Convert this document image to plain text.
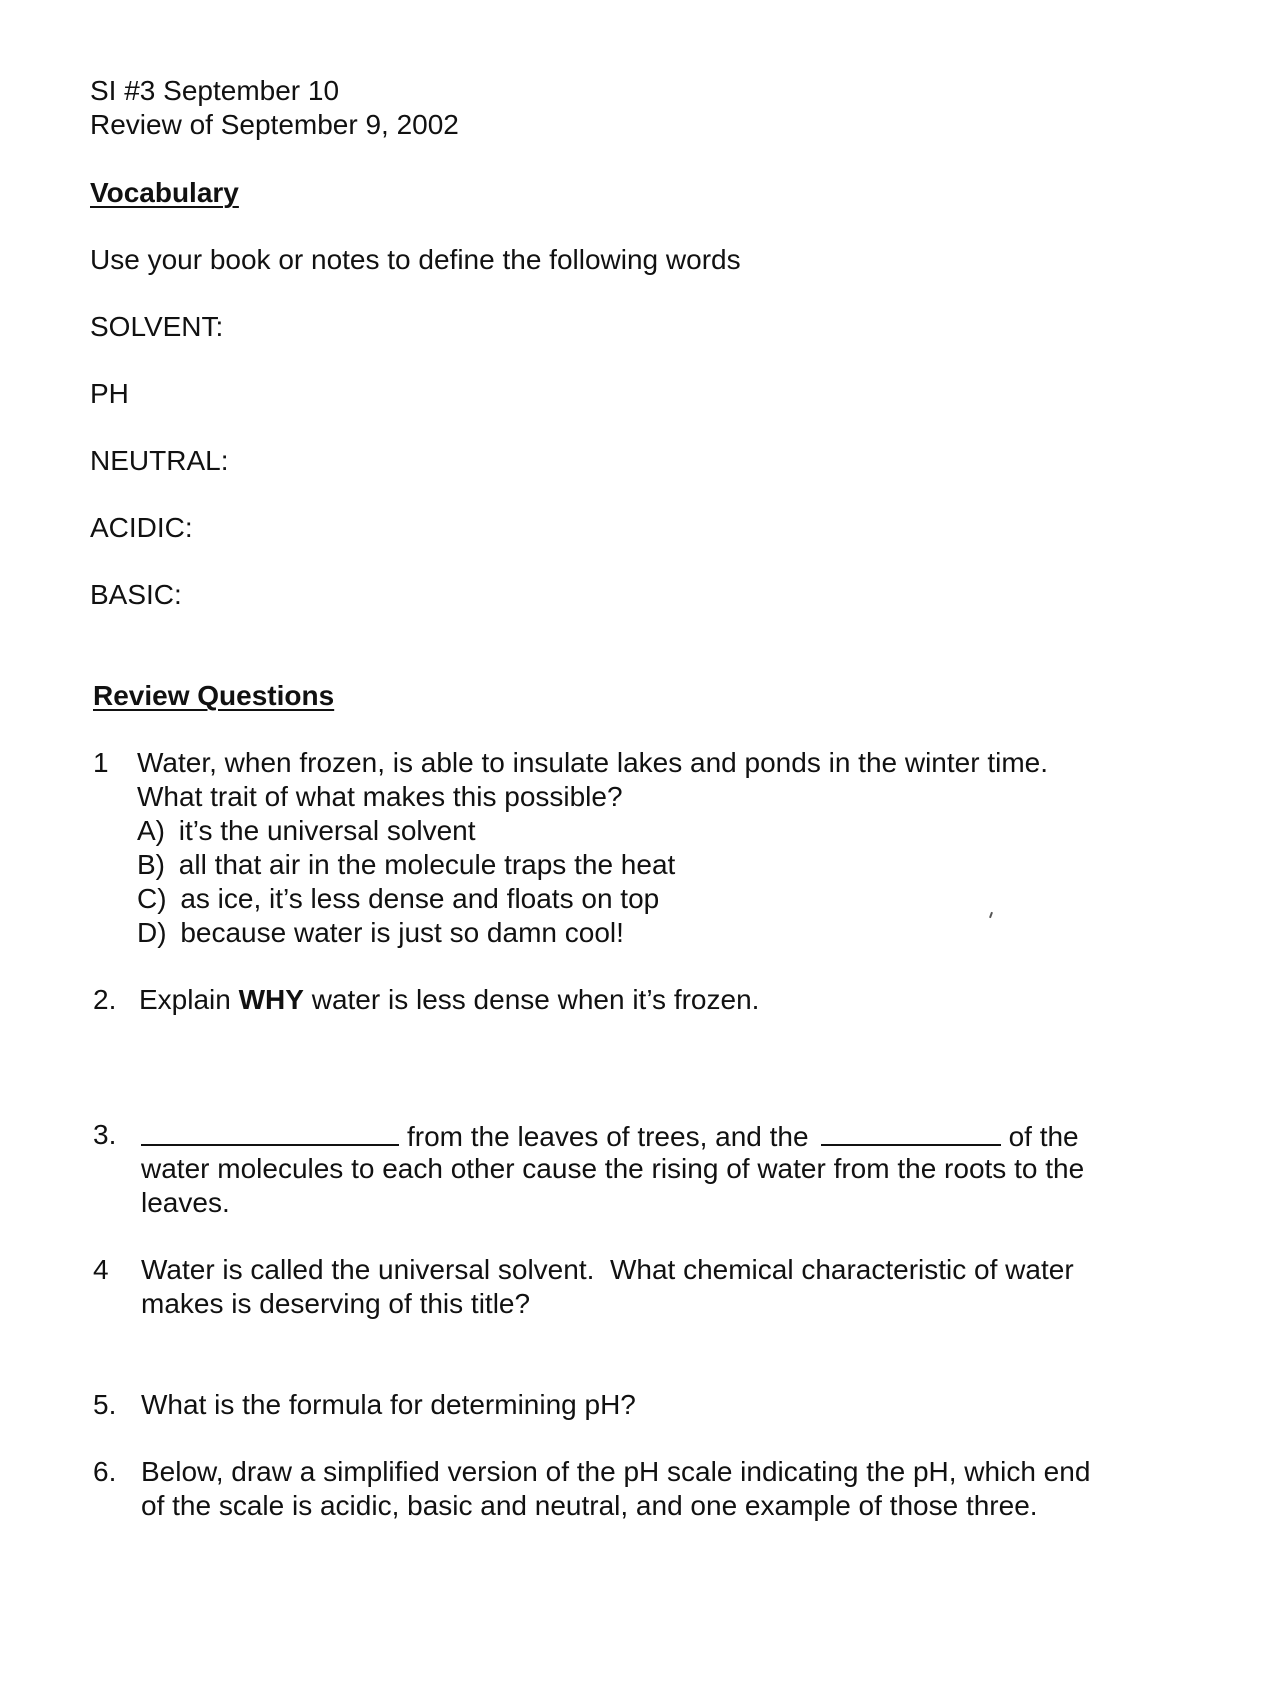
SI #3 September 10
Review of September 9, 2002
Vocabulary
Use your book or notes to define the following words
SOLVENT:
PH
NEUTRAL:
ACIDIC:
BASIC:
Review Questions
1 Water, when frozen, is able to insulate lakes and ponds in the winter time.
What trait of what makes this possible?
A) it’s the universal solvent
B) all that air in the molecule traps the heat
C) as ice, it’s less dense and floats on top
D) because water is just so damn cool!
2. Explain WHY water is less dense when it’s frozen.
3.	from the leaves of trees, and the	of the
water molecules to each other cause the rising of water from the roots to the
leaves.
4 Water is called the universal solvent.  What chemical characteristic of water
makes is deserving of this title?
5. What is the formula for determining pH?
6. Below, draw a simplified version of the pH scale indicating the pH, which end
of the scale is acidic, basic and neutral, and one example of those three.
